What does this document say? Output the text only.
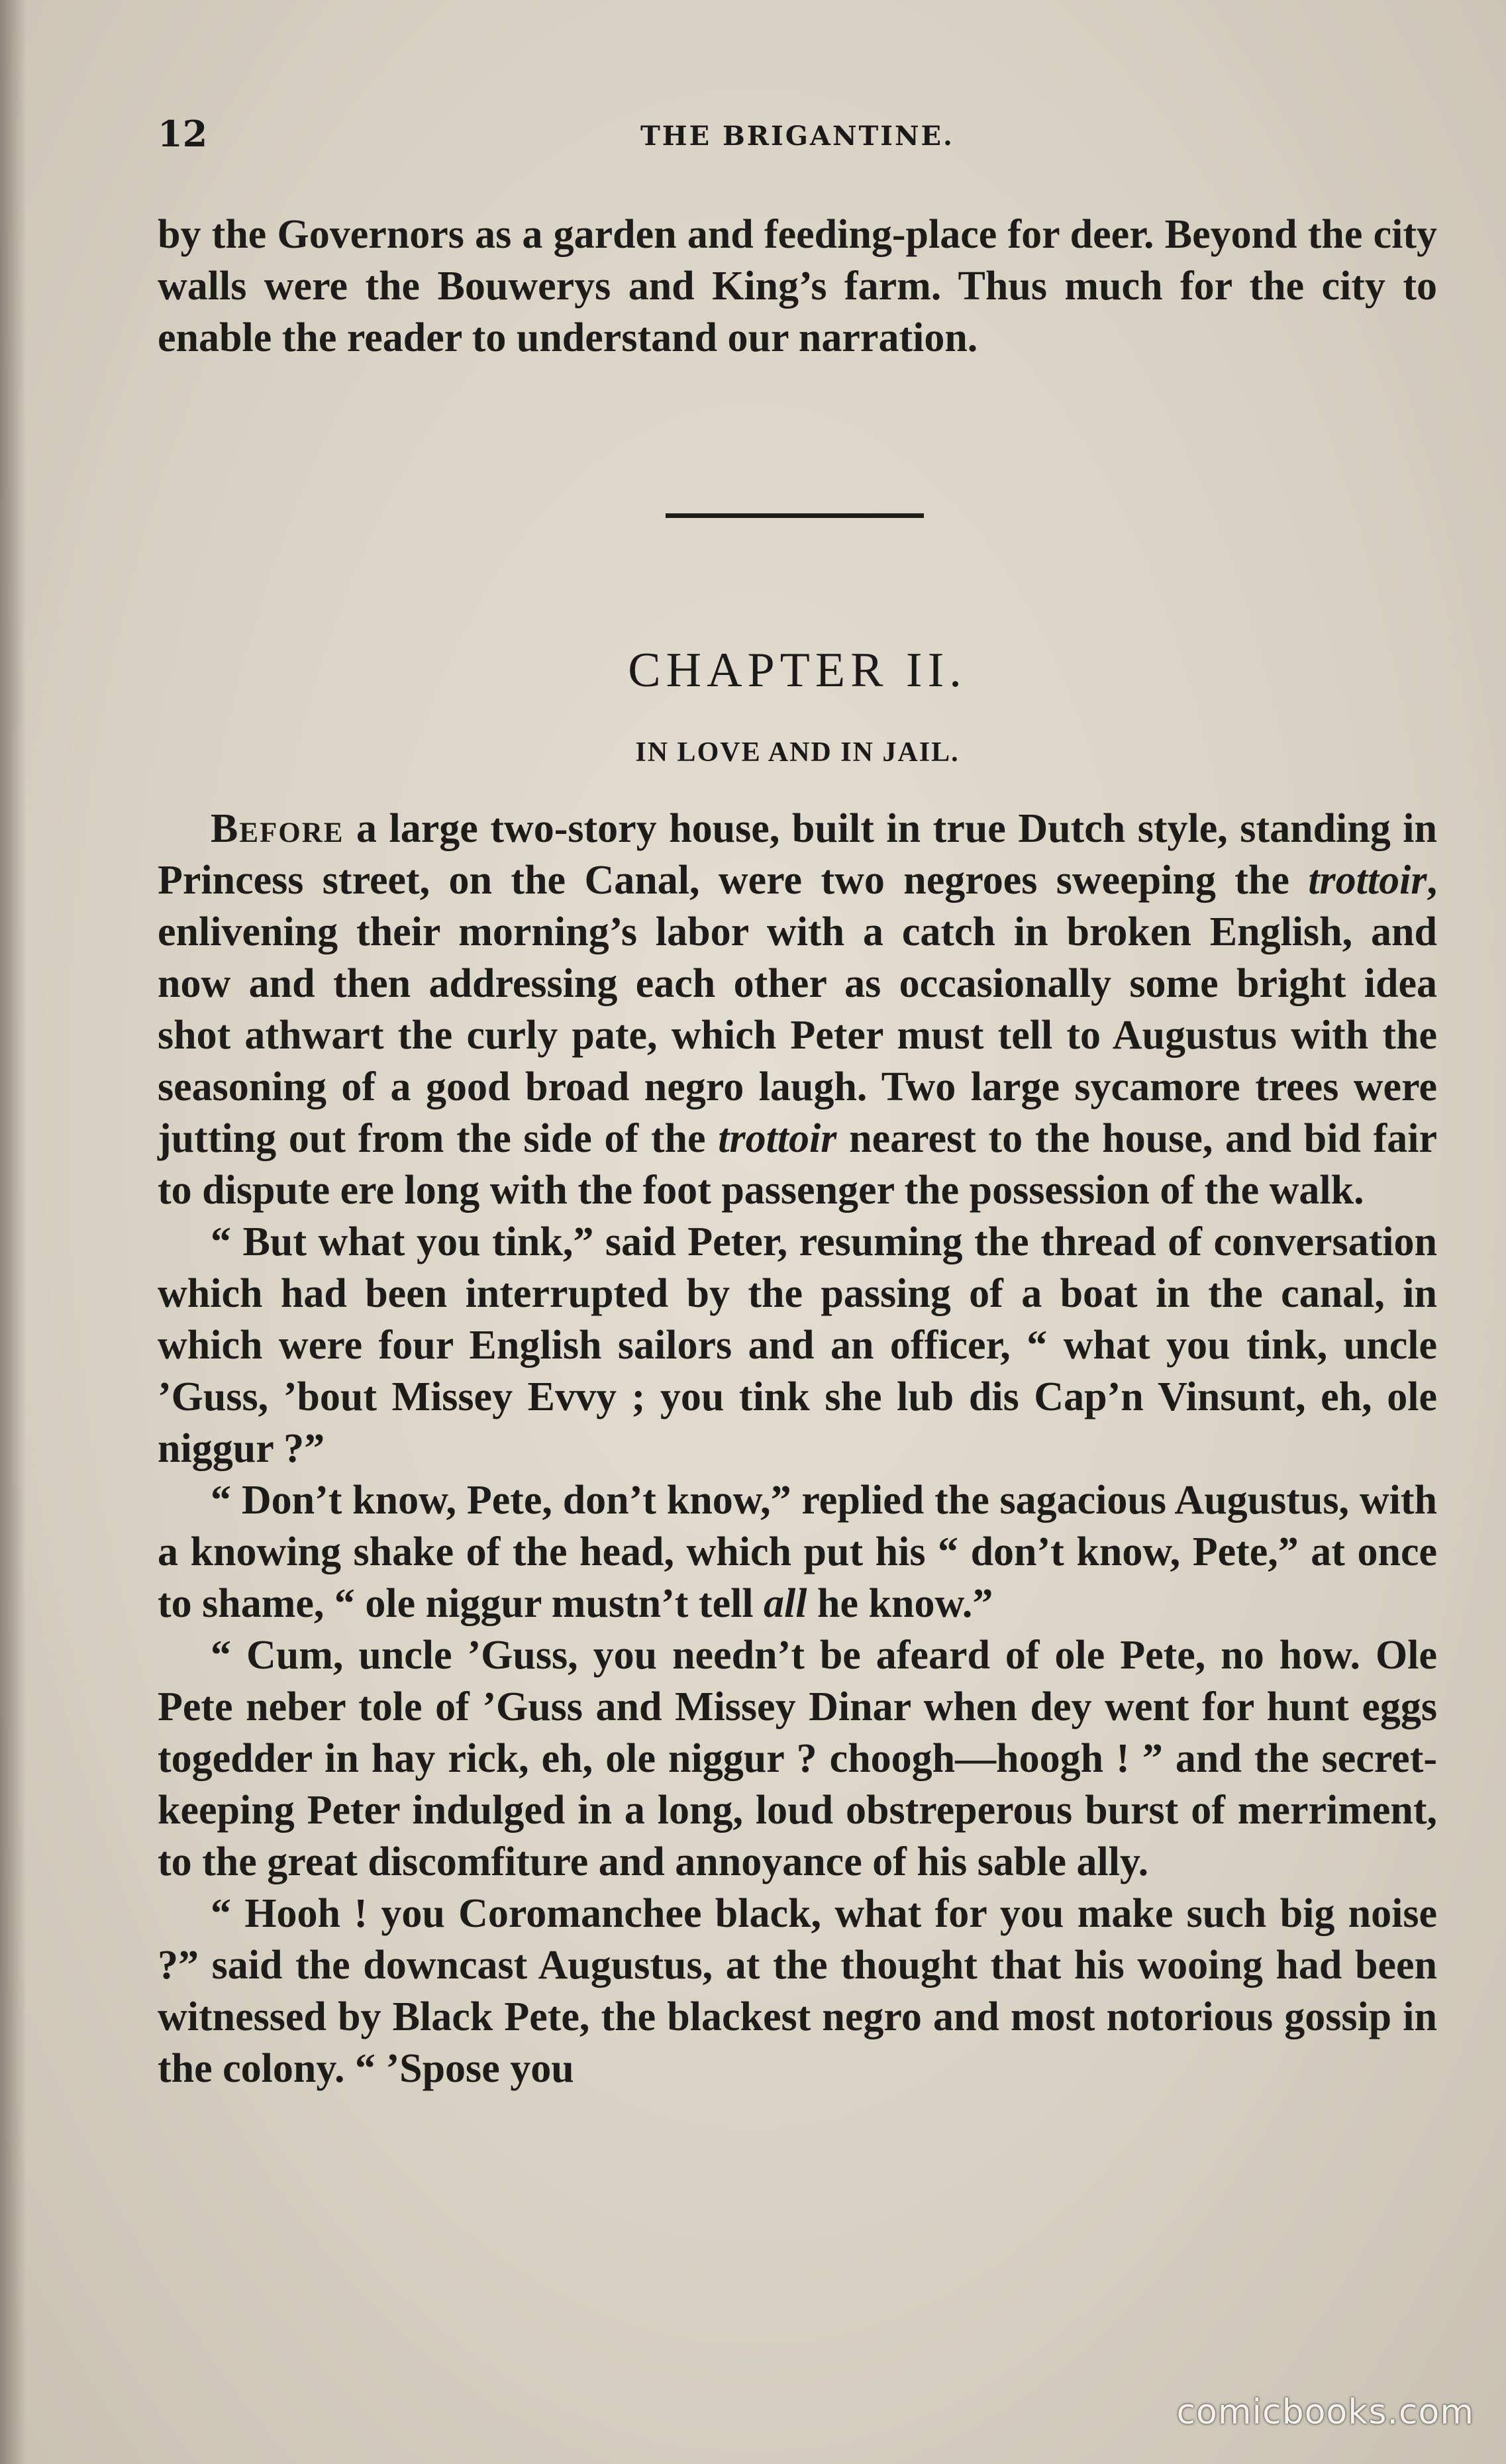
12	THE BRIGANTINE.

by the Governors as a garden and feeding-place for deer. Beyond the city walls were the Bouwerys and King’s farm. Thus much for the city to enable the reader to understand our narration.

CHAPTER II.
IN LOVE AND IN JAIL.

Before a large two-story house, built in true Dutch style, standing in Princess street, on the Canal, were two negroes sweeping the trottoir, enlivening their morning’s labor with a catch in broken English, and now and then addressing each other as occasionally some bright idea shot athwart the curly pate, which Peter must tell to Augustus with the seasoning of a good broad negro laugh. Two large sycamore trees were jutting out from the side of the trottoir nearest to the house, and bid fair to dispute ere long with the foot passenger the possession of the walk.

“ But what you tink,” said Peter, resuming the thread of conversation which had been interrupted by the passing of a boat in the canal, in which were four English sailors and an officer, “ what you tink, uncle ’Guss, ’bout Missey Evvy ; you tink she lub dis Cap’n Vinsunt, eh, ole niggur ?”

“ Don’t know, Pete, don’t know,” replied the sagacious Augustus, with a knowing shake of the head, which put his “ don’t know, Pete,” at once to shame, “ ole niggur mustn’t tell all he know.”

“ Cum, uncle ’Guss, you needn’t be afeard of ole Pete, no how. Ole Pete neber tole of ’Guss and Missey Dinar when dey went for hunt eggs togedder in hay rick, eh, ole niggur ? choogh—hoogh ! ” and the secret-keeping Peter indulged in a long, loud obstreperous burst of merriment, to the great discomfiture and annoyance of his sable ally.

“ Hooh ! you Coromanchee black, what for you make such big noise ?” said the downcast Augustus, at the thought that his wooing had been witnessed by Black Pete, the blackest negro and most notorious gossip in the colony. “ ’Spose you

comicbooks.com
